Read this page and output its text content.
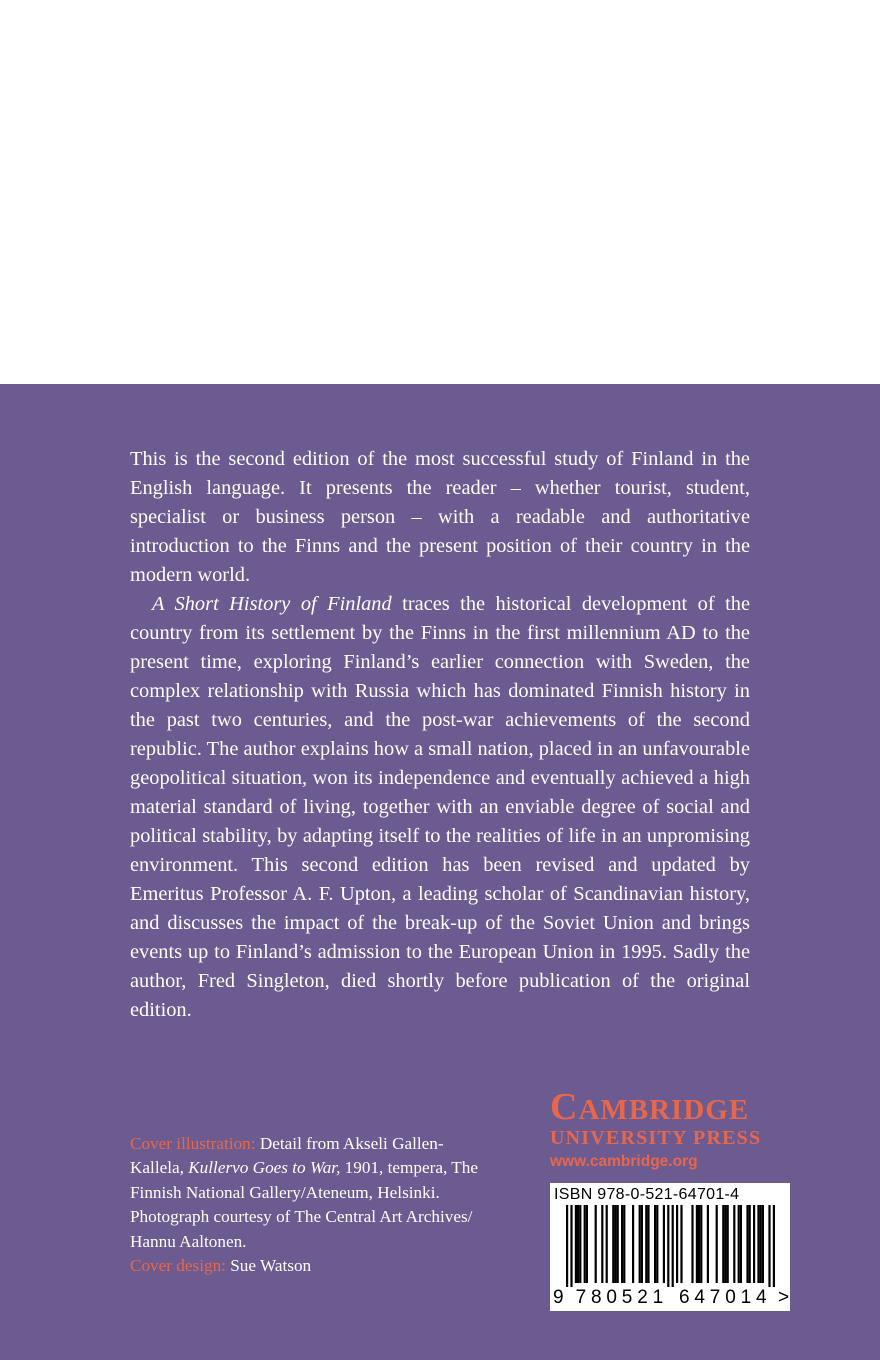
This is the second edition of the most successful study of Finland in the English language. It presents the reader – whether tourist, student, specialist or business person – with a readable and authoritative introduction to the Finns and the present position of their country in the modern world.

A Short History of Finland traces the historical development of the country from its settlement by the Finns in the first millennium AD to the present time, exploring Finland’s earlier connection with Sweden, the complex relationship with Russia which has dominated Finnish history in the past two centuries, and the post-war achievements of the second republic. The author explains how a small nation, placed in an unfavourable geopolitical situation, won its independence and eventually achieved a high material standard of living, together with an enviable degree of social and political stability, by adapting itself to the realities of life in an unpromising environment. This second edition has been revised and updated by Emeritus Professor A. F. Upton, a leading scholar of Scandinavian history, and discusses the impact of the break-up of the Soviet Union and brings events up to Finland’s admission to the European Union in 1995. Sadly the author, Fred Singleton, died shortly before publication of the original edition.

Cover illustration: Detail from Akseli Gallen-Kallela, Kullervo Goes to War, 1901, tempera, The Finnish National Gallery/Ateneum, Helsinki. Photograph courtesy of The Central Art Archives/ Hannu Aaltonen.

Cover design: Sue Watson

CAMBRIDGE
UNIVERSITY PRESS
www.cambridge.org
ISBN 978-0-521-64701-4
9 7 8 0 5 2 1 6 4 7 0 1 4 >
